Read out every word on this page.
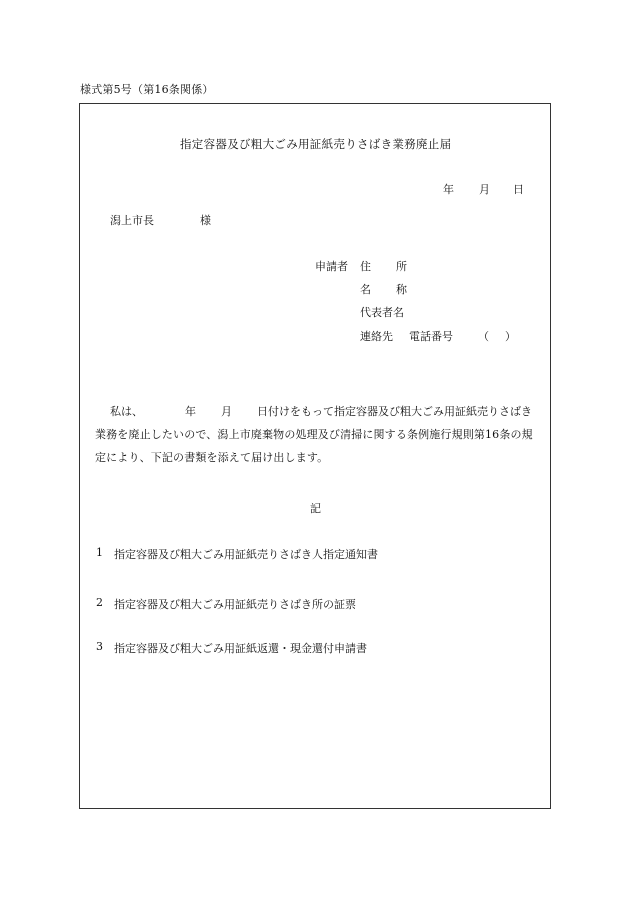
様式第5号（第16条関係）
指定容器及び粗大ごみ用証紙売りさばき業務廃止届
年 月 日
潟上市長	様
申請者 住 所
名 称
代表者名
連絡先 電話番号 （ ）
私は、	年 月 日付けをもって指定容器及び粗大ごみ用証紙売りさばき
業務を廃止したいので、潟上市廃棄物の処理及び清掃に関する条例施行規則第16条の規
定により、下記の書類を添えて届け出します。
記
1 指定容器及び粗大ごみ用証紙売りさばき人指定通知書
2 指定容器及び粗大ごみ用証紙売りさばき所の証票
3 指定容器及び粗大ごみ用証紙返還・現金還付申請書
